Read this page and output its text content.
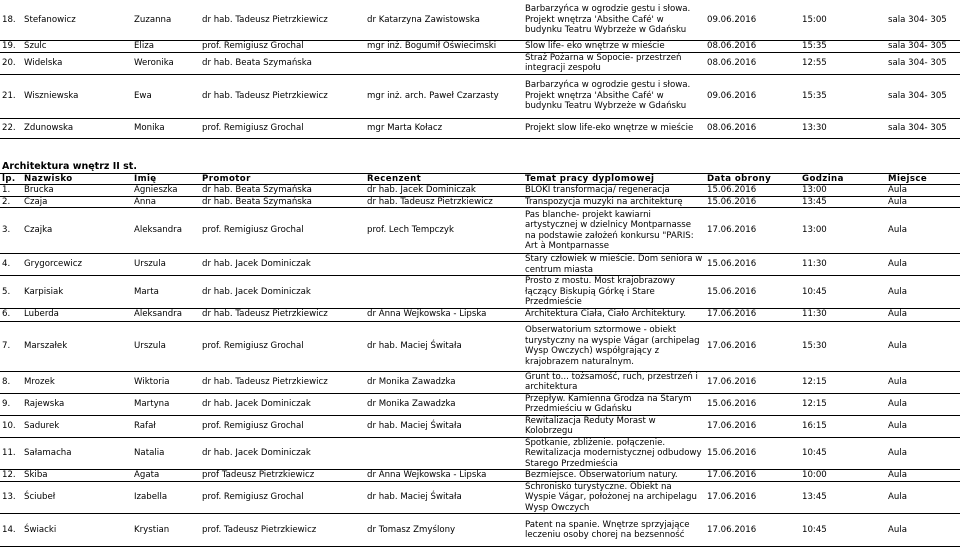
18.	Stefanowicz	Zuzanna	dr hab. Tadeusz Pietrzkiewicz	dr Katarzyna Zawistowska	Barbarzyńca w ogrodzie gestu i słowa. Projekt wnętrza 'Absithe Café' w budynku Teatru Wybrzeże w Gdańsku	09.06.2016	15:00	sala 304- 305
19.	Szulc	Eliza	prof. Remigiusz Grochal	mgr inż. Bogumił Oświecimski	Slow life- eko wnętrze w mieście	08.06.2016	15:35	sala 304- 305
20.	Widelska	Weronika	dr hab. Beata Szymańska		Straż Pożarna w Sopocie- przestrzeń integracji zespołu	08.06.2016	12:55	sala 304- 305
21.	Wiszniewska	Ewa	dr hab. Tadeusz Pietrzkiewicz	mgr inż. arch. Paweł Czarzasty	Barbarzyńca w ogrodzie gestu i słowa. Projekt wnętrza 'Absithe Café' w budynku Teatru Wybrzeże w Gdańsku	09.06.2016	15:35	sala 304- 305
22.	Zdunowska	Monika	prof. Remigiusz Grochal	mgr Marta Kołacz	Projekt slow life-eko wnętrze w mieście	08.06.2016	13:30	sala 304- 305

Architektura wnętrz II st.								
lp.	Nazwisko	Imię	Promotor	Recenzent	Temat pracy dyplomowej	Data obrony	Godzina	Miejsce
1.	Brucka	Agnieszka	dr hab. Beata Szymańska	dr hab. Jacek Dominiczak	BLOKI transformacja/ regeneracja	15.06.2016	13:00	Aula
2.	Czaja	Anna	dr hab. Beata Szymańska	dr hab. Tadeusz Pietrzkiewicz	Transpozycja muzyki na architekturę	15.06.2016	13:45	Aula
3.	Czajka	Aleksandra	prof. Remigiusz Grochal	prof. Lech Tempczyk	Pas blanche- projekt kawiarni artystycznej w dzielnicy Montparnasse na podstawie założeń konkursu "PARIS: Art à Montparnasse	17.06.2016	13:00	Aula
4.	Grygorcewicz	Urszula	dr hab. Jacek Dominiczak		Stary człowiek w mieście. Dom seniora w centrum miasta	15.06.2016	11:30	Aula
5.	Karpisiak	Marta	dr hab. Jacek Dominiczak		Prosto z mostu. Most krajobrazowy łączący Biskupią Górkę i Stare Przedmieście	15.06.2016	10:45	Aula
6.	Luberda	Aleksandra	dr hab. Tadeusz Pietrzkiewicz	dr Anna Wejkowska - Lipska	Architektura Ciała, Ciało Architektury.	17.06.2016	11:30	Aula
7.	Marszałek	Urszula	prof. Remigiusz Grochal	dr hab. Maciej Świtała	Obserwatorium sztormowe - obiekt turystyczny na wyspie Vágar (archipelag Wysp Owczych) współgrający z krajobrazem naturalnym.	17.06.2016	15:30	Aula
8.	Mrozek	Wiktoria	dr hab. Tadeusz Pietrzkiewicz	dr Monika Zawadzka	Grunt to... tożsamość, ruch, przestrzeń i architektura	17.06.2016	12:15	Aula
9.	Rajewska	Martyna	dr hab. Jacek Dominiczak	dr Monika Zawadzka	Przepływ. Kamienna Grodza na Starym Przedmieściu w Gdańsku	15.06.2016	12:15	Aula
10.	Sadurek	Rafał	prof. Remigiusz Grochal	dr hab. Maciej Świtała	Rewitalizacja Reduty Morast w Kolobrzegu	17.06.2016	16:15	Aula
11.	Sałamacha	Natalia	dr hab. Jacek Dominiczak		Spotkanie, zbliżenie. połączenie. Rewitalizacja modernistycznej odbudowy Starego Przedmieścia	15.06.2016	10:45	Aula
12.	Skiba	Agata	prof Tadeusz Pietrzkiewicz	dr Anna Wejkowska - Lipska	Bezmiejsce. Obserwatorium natury.	17.06.2016	10:00	Aula
13.	Ściubeł	Izabella	prof. Remigiusz Grochal	dr hab. Maciej Świtała	Schronisko turystyczne. Obiekt na Wyspie Vágar, położonej na archipelagu Wysp Owczych	17.06.2016	13:45	Aula
14.	Świacki	Krystian	prof. Tadeusz Pietrzkiewicz	dr Tomasz Zmyślony	Patent na spanie. Wnętrze sprzyjające leczeniu osoby chorej na bezsenność	17.06.2016	10:45	Aula
